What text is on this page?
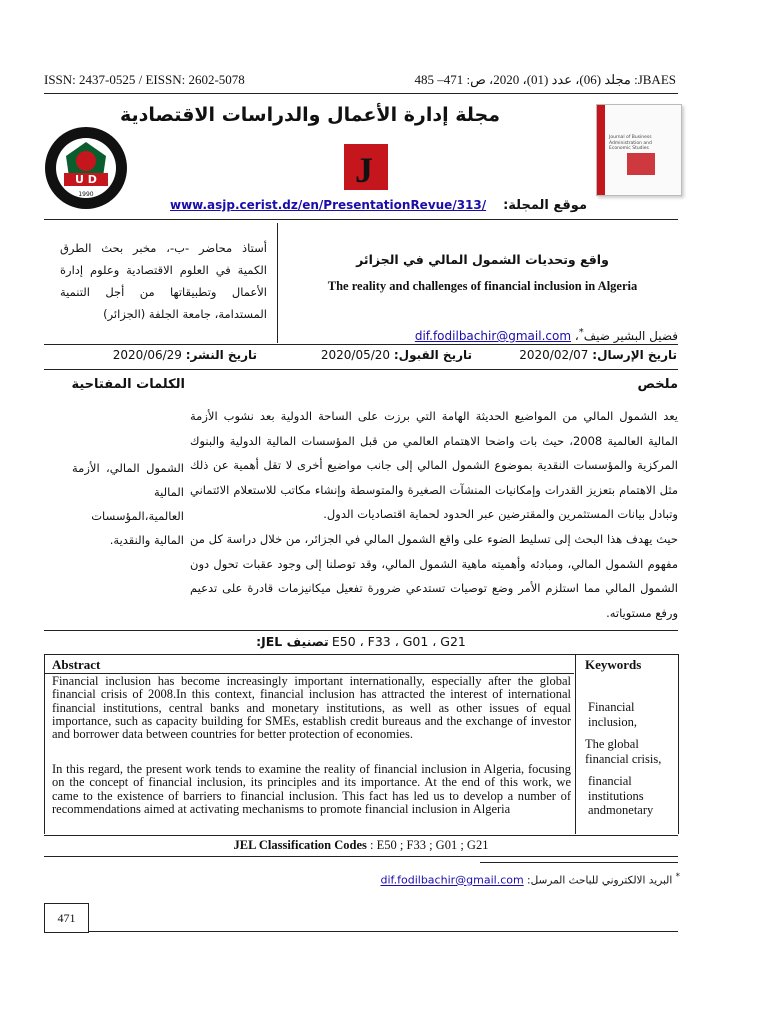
ISSN: 2437-0525 / EISSN: 2602-5078	JBAES: مجلد (06)، عدد (01)، 2020، ص: 471– 485
U D
1990
مجلة إدارة الأعمال والدراسات الاقتصادية
J BAES
Journal of Business Administration and Economic Studies
موقع المجلة:
www.asjp.cerist.dz/en/PresentationRevue/313/
أستاذ محاضر -ب-، مخبر بحث الطرق الكمية في العلوم الاقتصادية وعلوم إدارة الأعمال وتطبيقاتها من أجل التنمية المستدامة، جامعة الجلفة (الجزائر)
واقع وتحديات الشمول المالي في الجزائر
The reality and challenges of financial inclusion in Algeria
فضيل البشير ضيف*، dif.fodilbachir@gmail.com
تاريخ الإرسال: 2020/02/07
تاريخ القبول: 2020/05/20
تاريخ النشر: 2020/06/29
ملخص
الكلمات المفتاحية
يعد الشمول المالي من المواضيع الحديثة الهامة التي برزت على الساحة الدولية بعد نشوب الأزمة المالية العالمية 2008، حيث بات واضحا الاهتمام العالمي من قبل المؤسسات المالية الدولية والبنوك المركزية والمؤسسات النقدية بموضوع الشمول المالي إلى جانب مواضيع أخرى لا تقل أهمية عن ذلك مثل الاهتمام بتعزيز القدرات وإمكانيات المنشآت الصغيرة والمتوسطة وإنشاء مكاتب للاستعلام الائتماني وتبادل بيانات المستثمرين والمقترضين عبر الحدود لحماية اقتصاديات الدول.
حيث يهدف هذا البحث إلى تسليط الضوء على واقع الشمول المالي في الجزائر، من خلال دراسة كل من مفهوم الشمول المالي، ومبادئه وأهميته ماهية الشمول المالي، وقد توصلنا إلى وجود عقبات تحول دون الشمول المالي مما استلزم الأمر وضع توصيات تستدعي ضرورة تفعيل ميكانيزمات قادرة على تدعيم ورفع مستوياته.
الشمول المالي، الأزمة المالية العالمية،المؤسسات المالية والنقدية.
تصنيف JEL: E50 ، F33 ، G01 ، G21
Abstract	Keywords
Financial inclusion has become increasingly important internationally, especially after the global financial crisis of 2008.In this context, financial inclusion has attracted the interest of international financial institutions, central banks and monetary institutions, as well as other issues of equal importance, such as capacity building for SMEs, establish credit bureaus and the exchange of investor and borrower data between countries for better protection of economies.
In this regard, the present work tends to examine the reality of financial inclusion in Algeria, focusing on the concept of financial inclusion, its principles and its importance. At the end of this work, we came to the existence of barriers to financial inclusion. This fact has led us to develop a number of recommendations aimed at activating mechanisms to promote financial inclusion in Algeria
Financial inclusion,
The global financial crisis,
financial institutions andmonetary
JEL Classification Codes : E50 ; F33 ; G01 ; G21
* البريد الالكتروني للباحث المرسل: dif.fodilbachir@gmail.com
471
